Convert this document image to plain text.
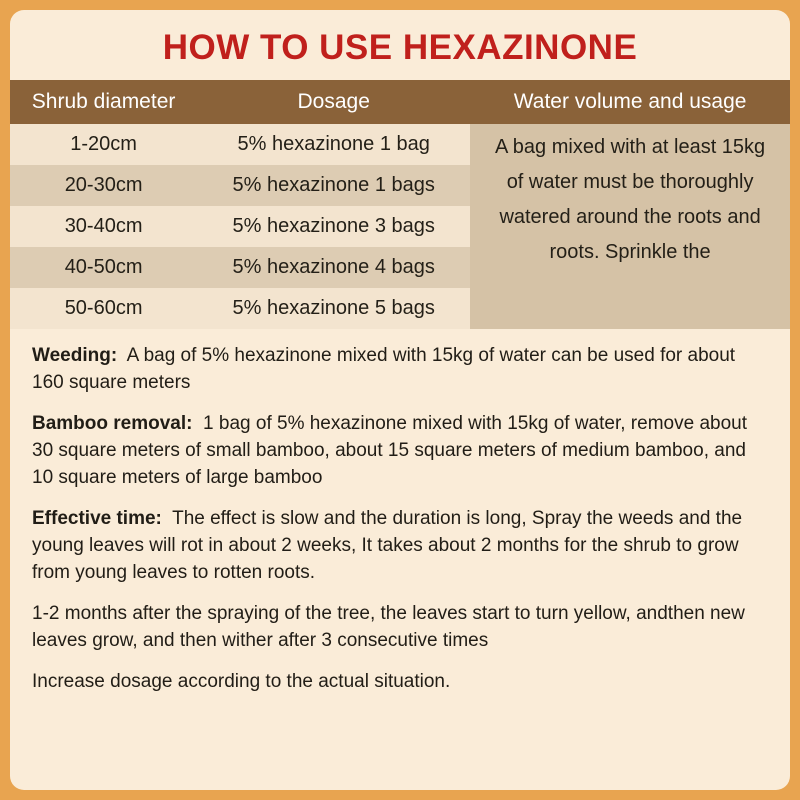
HOW TO USE HEXAZINONE
Shrub diameter	Dosage	Water volume and usage
1-20cm	5% hexazinone 1 bag	A bag mixed with at least 15kg of water must be thoroughly watered around the roots and roots. Sprinkle the
20-30cm	5% hexazinone 1 bags	
30-40cm	5% hexazinone 3 bags	
40-50cm	5% hexazinone 4 bags	
50-60cm	5% hexazinone 5 bags	

Weeding: A bag of 5% hexazinone mixed with 15kg of water can be used for about 160 square meters

Bamboo removal: 1 bag of 5% hexazinone mixed with 15kg of water, remove about 30 square meters of small bamboo, about 15 square meters of medium bamboo, and 10 square meters of large bamboo

Effective time: The effect is slow and the duration is long, Spray the weeds and the young leaves will rot in about 2 weeks, It takes about 2 months for the shrub to grow from young leaves to rotten roots.

1-2 months after the spraying of the tree, the leaves start to turn yellow, andthen new leaves grow, and then wither after 3 consecutive times

Increase dosage according to the actual situation.
